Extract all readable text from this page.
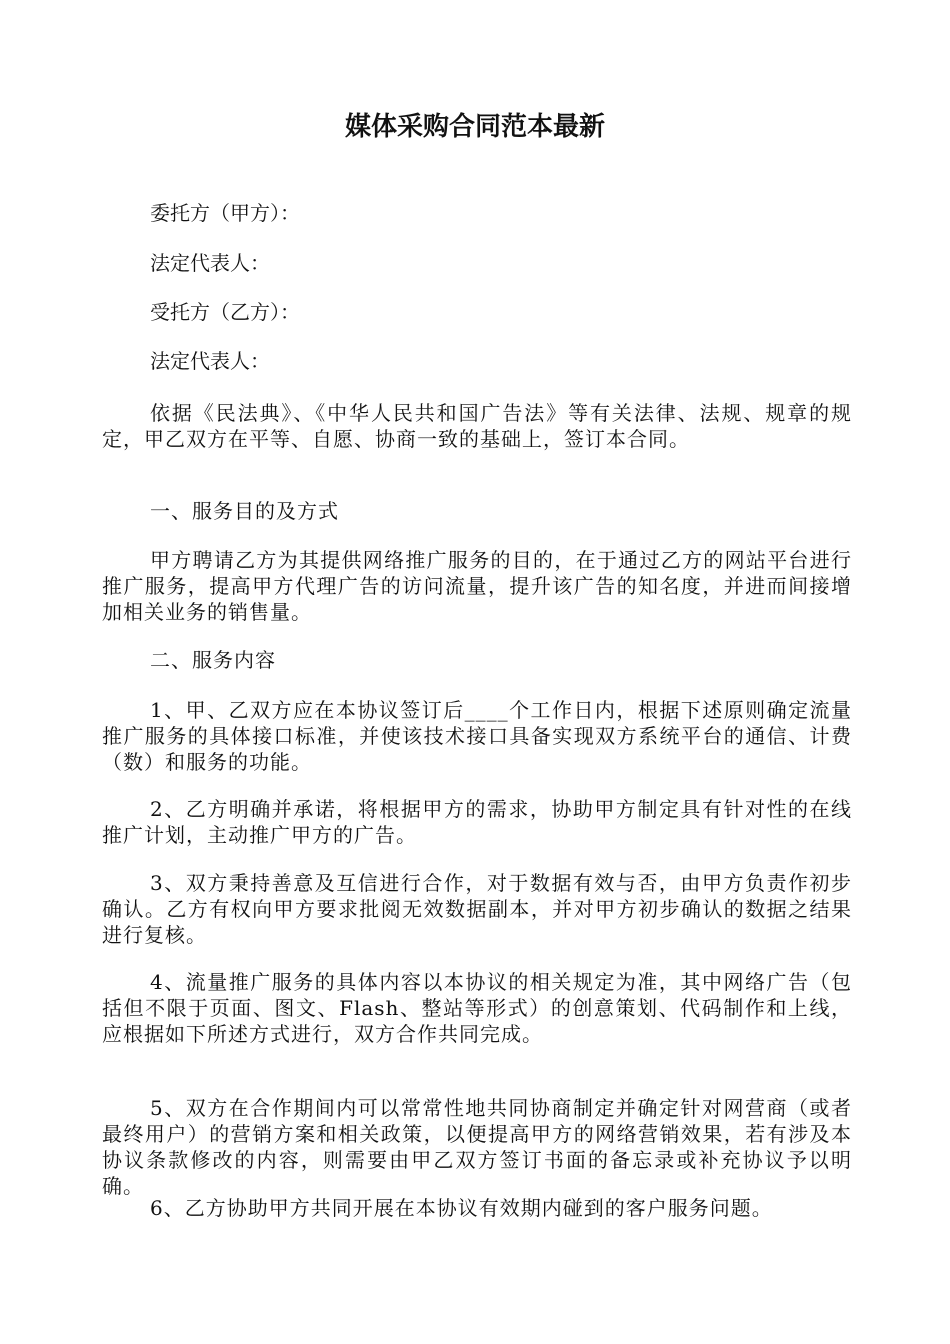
媒体采购合同范本最新

委托方（甲方）：

法定代表人：

受托方（乙方）：

法定代表人：

依据《民法典》、《中华人民共和国广告法》等有关法律、法规、规章的规定，甲乙双方在平等、自愿、协商一致的基础上，签订本合同。

一、服务目的及方式

甲方聘请乙方为其提供网络推广服务的目的，在于通过乙方的网站平台进行推广服务，提高甲方代理广告的访问流量，提升该广告的知名度，并进而间接增加相关业务的销售量。

二、服务内容

1、甲、乙双方应在本协议签订后____个工作日内，根据下述原则确定流量推广服务的具体接口标准，并使该技术接口具备实现双方系统平台的通信、计费（数）和服务的功能。

2、乙方明确并承诺，将根据甲方的需求，协助甲方制定具有针对性的在线推广计划，主动推广甲方的广告。

3、双方秉持善意及互信进行合作，对于数据有效与否，由甲方负责作初步确认。乙方有权向甲方要求批阅无效数据副本，并对甲方初步确认的数据之结果进行复核。

4、流量推广服务的具体内容以本协议的相关规定为准，其中网络广告（包括但不限于页面、图文、Flash、整站等形式）的创意策划、代码制作和上线，应根据如下所述方式进行，双方合作共同完成。

5、双方在合作期间内可以常常性地共同协商制定并确定针对网营商（或者最终用户）的营销方案和相关政策，以便提高甲方的网络营销效果，若有涉及本协议条款修改的内容，则需要由甲乙双方签订书面的备忘录或补充协议予以明确。

6、乙方协助甲方共同开展在本协议有效期内碰到的客户服务问题。
